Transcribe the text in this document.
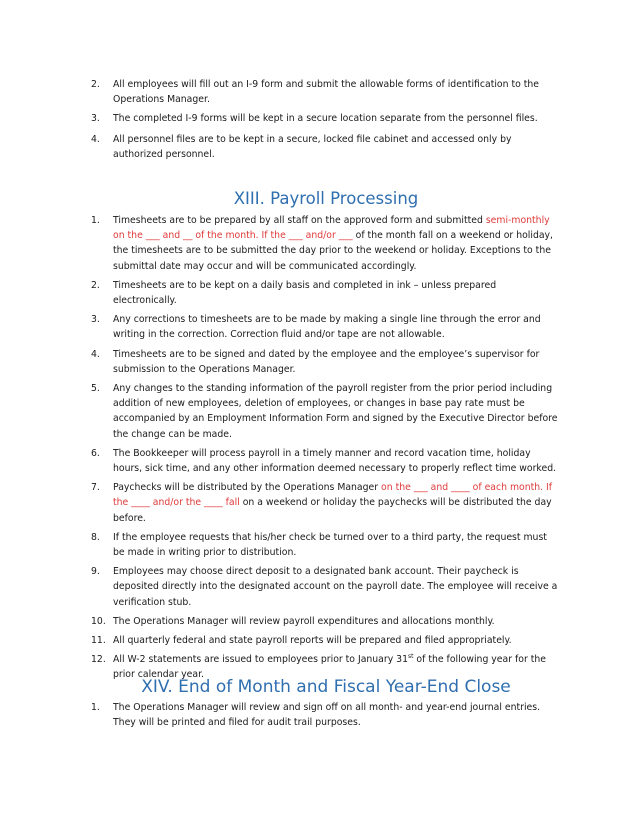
2. All employees will fill out an I-9 form and submit the allowable forms of identification to the Operations Manager.
3. The completed I-9 forms will be kept in a secure location separate from the personnel files.
4. All personnel files are to be kept in a secure, locked file cabinet and accessed only by authorized personnel.
XIII. Payroll Processing
1. Timesheets are to be prepared by all staff on the approved form and submitted semi-monthly on the ___ and __ of the month. If the ___ and/or ___ of the month fall on a weekend or holiday, the timesheets are to be submitted the day prior to the weekend or holiday. Exceptions to the submittal date may occur and will be communicated accordingly.
2. Timesheets are to be kept on a daily basis and completed in ink – unless prepared electronically.
3. Any corrections to timesheets are to be made by making a single line through the error and writing in the correction. Correction fluid and/or tape are not allowable.
4. Timesheets are to be signed and dated by the employee and the employee’s supervisor for submission to the Operations Manager.
5. Any changes to the standing information of the payroll register from the prior period including addition of new employees, deletion of employees, or changes in base pay rate must be accompanied by an Employment Information Form and signed by the Executive Director before the change can be made.
6. The Bookkeeper will process payroll in a timely manner and record vacation time, holiday hours, sick time, and any other information deemed necessary to properly reflect time worked.
7. Paychecks will be distributed by the Operations Manager on the ___ and ____ of each month. If the ____ and/or the ____ fall on a weekend or holiday the paychecks will be distributed the day before.
8. If the employee requests that his/her check be turned over to a third party, the request must be made in writing prior to distribution.
9. Employees may choose direct deposit to a designated bank account. Their paycheck is deposited directly into the designated account on the payroll date. The employee will receive a verification stub.
10. The Operations Manager will review payroll expenditures and allocations monthly.
11. All quarterly federal and state payroll reports will be prepared and filed appropriately.
12. All W-2 statements are issued to employees prior to January 31st of the following year for the prior calendar year.
XIV. End of Month and Fiscal Year-End Close
1. The Operations Manager will review and sign off on all month- and year-end journal entries. They will be printed and filed for audit trail purposes.
